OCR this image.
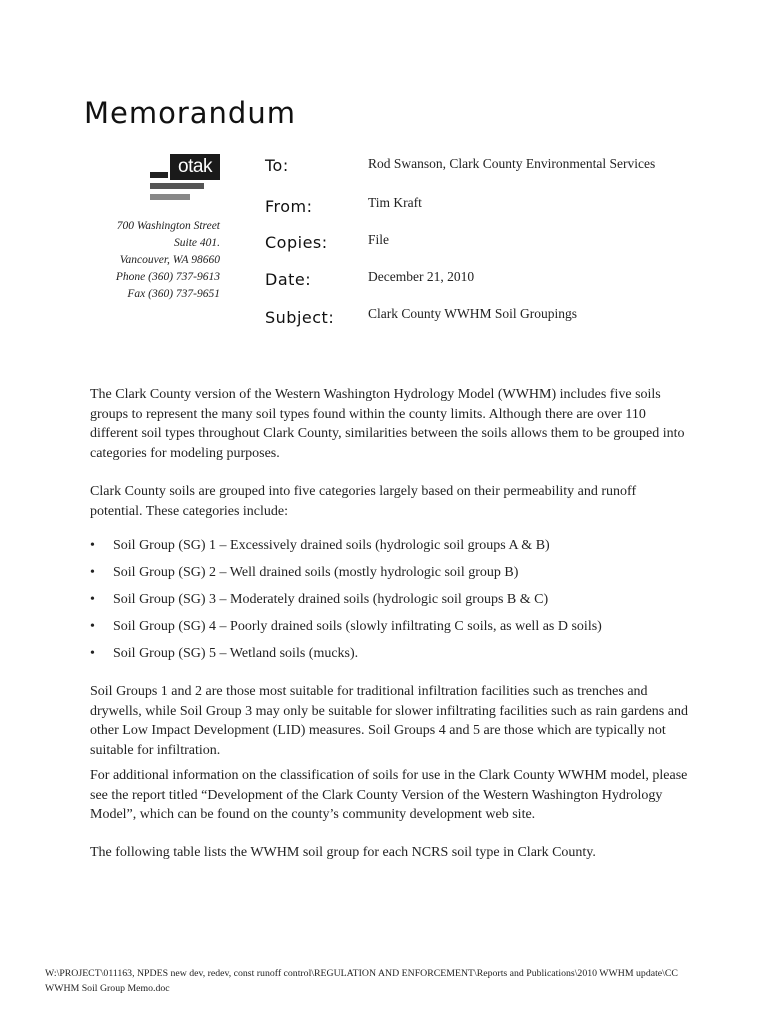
Memorandum
otak
700 Washington Street
Suite 401.
Vancouver, WA 98660
Phone (360) 737-9613
Fax (360) 737-9651
To:	Rod Swanson, Clark County Environmental Services
From:	Tim Kraft
Copies:	File
Date:	December 21, 2010
Subject:	Clark County WWHM Soil Groupings

The Clark County version of the Western Washington Hydrology Model (WWHM) includes five soils groups to represent the many soil types found within the county limits. Although there are over 110 different soil types throughout Clark County, similarities between the soils allows them to be grouped into categories for modeling purposes.

Clark County soils are grouped into five categories largely based on their permeability and runoff potential. These categories include:

• Soil Group (SG) 1 – Excessively drained soils (hydrologic soil groups A & B)
• Soil Group (SG) 2 – Well drained soils (mostly hydrologic soil group B)
• Soil Group (SG) 3 – Moderately drained soils (hydrologic soil groups B & C)
• Soil Group (SG) 4 – Poorly drained soils (slowly infiltrating C soils, as well as D soils)
• Soil Group (SG) 5 – Wetland soils (mucks).

Soil Groups 1 and 2 are those most suitable for traditional infiltration facilities such as trenches and drywells, while Soil Group 3 may only be suitable for slower infiltrating facilities such as rain gardens and other Low Impact Development (LID) measures. Soil Groups 4 and 5 are those which are typically not suitable for infiltration.

For additional information on the classification of soils for use in the Clark County WWHM model, please see the report titled “Development of the Clark County Version of the Western Washington Hydrology Model”, which can be found on the county’s community development web site.

The following table lists the WWHM soil group for each NCRS soil type in Clark County.

W:\PROJECT\011163, NPDES new dev, redev, const runoff control\REGULATION AND ENFORCEMENT\Reports and Publications\2010 WWHM update\CC WWHM Soil Group Memo.doc
